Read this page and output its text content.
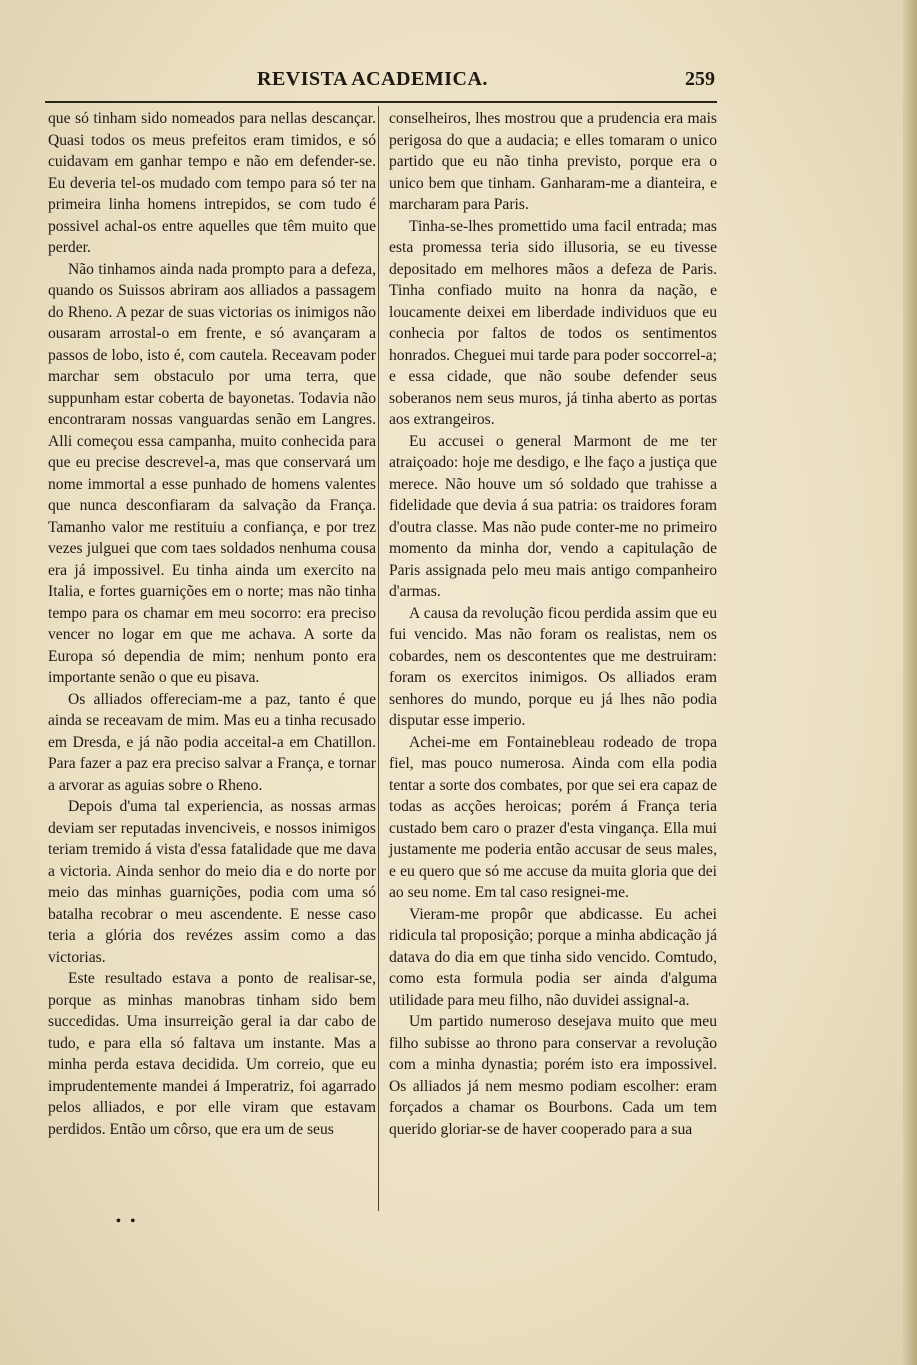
REVISTA ACADEMICA.	259

que só tinham sido nomeados para nellas descançar. Quasi todos os meus prefeitos eram timidos, e só cuidavam em ganhar tempo e não em defender-se. Eu deveria tel-os mudado com tempo para só ter na primeira linha homens intrepidos, se com tudo é possivel achal-os entre aquelles que têm muito que perder.

Não tinhamos ainda nada prompto para a defeza, quando os Suissos abriram aos alliados a passagem do Rheno. A pezar de suas victorias os inimigos não ousaram arrostal-o em frente, e só avançaram a passos de lobo, isto é, com cautela. Receavam poder marchar sem obstaculo por uma terra, que suppunham estar coberta de bayonetas. Todavia não encontraram nossas vanguardas senão em Langres. Alli começou essa campanha, muito conhecida para que eu precise descrevel-a, mas que conservará um nome immortal a esse punhado de homens valentes que nunca desconfiaram da salvação da França. Tamanho valor me restituiu a confiança, e por trez vezes julguei que com taes soldados nenhuma cousa era já impossivel. Eu tinha ainda um exercito na Italia, e fortes guarnições em o norte; mas não tinha tempo para os chamar em meu socorro: era preciso vencer no logar em que me achava. A sorte da Europa só dependia de mim; nenhum ponto era importante senão o que eu pisava.

Os alliados offereciam-me a paz, tanto é que ainda se receavam de mim. Mas eu a tinha recusado em Dresda, e já não podia acceital-a em Chatillon. Para fazer a paz era preciso salvar a França, e tornar a arvorar as aguias sobre o Rheno.

Depois d'uma tal experiencia, as nossas armas deviam ser reputadas invenciveis, e nossos inimigos teriam tremido á vista d'essa fatalidade que me dava a victoria. Ainda senhor do meio dia e do norte por meio das minhas guarnições, podia com uma só batalha recobrar o meu ascendente. E nesse caso teria a glória dos revézes assim como a das victorias.

Este resultado estava a ponto de realisar-se, porque as minhas manobras tinham sido bem succedidas. Uma insurreição geral ia dar cabo de tudo, e para ella só faltava um instante. Mas a minha perda estava decidida. Um correio, que eu imprudentemente mandei á Imperatriz, foi agarrado pelos alliados, e por elle viram que estavam perdidos. Então um côrso, que era um de seus

conselheiros, lhes mostrou que a prudencia era mais perigosa do que a audacia; e elles tomaram o unico partido que eu não tinha previsto, porque era o unico bem que tinham. Ganharam-me a dianteira, e marcharam para Paris.

Tinha-se-lhes promettido uma facil entrada; mas esta promessa teria sido illusoria, se eu tivesse depositado em melhores mãos a defeza de Paris. Tinha confiado muito na honra da nação, e loucamente deixei em liberdade individuos que eu conhecia por faltos de todos os sentimentos honrados. Cheguei mui tarde para poder soccorrel-a; e essa cidade, que não soube defender seus soberanos nem seus muros, já tinha aberto as portas aos extrangeiros.

Eu accusei o general Marmont de me ter atraiçoado: hoje me desdigo, e lhe faço a justiça que merece. Não houve um só soldado que trahisse a fidelidade que devia á sua patria: os traidores foram d'outra classe. Mas não pude conter-me no primeiro momento da minha dor, vendo a capitulação de Paris assignada pelo meu mais antigo companheiro d'armas.

A causa da revolução ficou perdida assim que eu fui vencido. Mas não foram os realistas, nem os cobardes, nem os descontentes que me destruiram: foram os exercitos inimigos. Os alliados eram senhores do mundo, porque eu já lhes não podia disputar esse imperio.

Achei-me em Fontainebleau rodeado de tropa fiel, mas pouco numerosa. Ainda com ella podia tentar a sorte dos combates, por que sei era capaz de todas as acções heroicas; porém á França teria custado bem caro o prazer d'esta vingança. Ella mui justamente me poderia então accusar de seus males, e eu quero que só me accuse da muita gloria que dei ao seu nome. Em tal caso resignei-me.

Vieram-me propôr que abdicasse. Eu achei ridicula tal proposição; porque a minha abdicação já datava do dia em que tinha sido vencido. Comtudo, como esta formula podia ser ainda d'alguma utilidade para meu filho, não duvidei assignal-a.

Um partido numeroso desejava muito que meu filho subisse ao throno para conservar a revolução com a minha dynastia; porém isto era impossivel. Os alliados já nem mesmo podiam escolher: eram forçados a chamar os Bourbons. Cada um tem querido gloriar-se de haver cooperado para a sua

• •
